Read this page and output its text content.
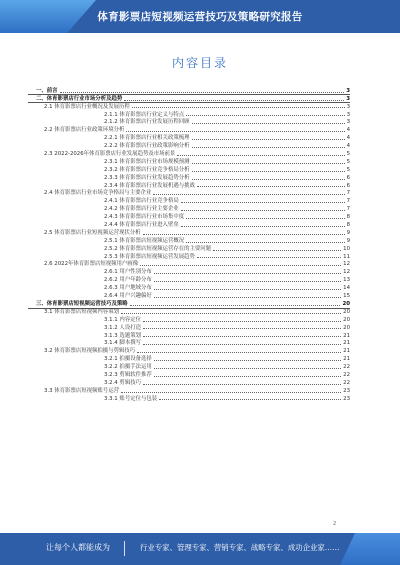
体育影票店短视频运营技巧及策略研究报告
内容目录
一、前言	3
二、体育影票店行业市场分析及趋势	3
2.1 体育影票店行业概况及发展历程	3
2.1.1 体育影票店行业定义与特点	3
2.1.2 体育影票店行业发展历程回顾	3
2.2 体育影票店行业政策环境分析	4
2.2.1 体育影票店行业相关政策梳理	4
2.2.2 体育影票店行业政策影响分析	4
2.3 2022-2026年体育影票店行业发展趋势及市场前景	5
2.3.1 体育影票店行业市场规模预测	5
2.3.2 体育影票店行业竞争格局分析	5
2.3.3 体育影票店行业发展趋势分析	6
2.3.4 体育影票店行业发展机遇与挑战	6
2.4 体育影票店行业市场竞争格局与主要企业	7
2.4.1 体育影票店行业竞争格局	7
2.4.2 体育影票店行业主要企业	7
2.4.3 体育影票店行业市场集中度	8
2.4.4 体育影票店行业进入壁垒	8
2.5 体育影票店行业短视频运营现状分析	9
2.5.1 体育影票店短视频运营概况	9
2.5.2 体育影票店短视频运营存在的主要问题	10
2.5.3 体育影票店短视频运营发展趋势	11
2.6 2022年体育影票店短视频用户画像	12
2.6.1 用户性别分布	12
2.6.2 用户年龄分布	13
2.6.3 用户地域分布	14
2.6.4 用户兴趣偏好	15
三、体育影票店短视频运营技巧及策略	20
3.1 体育影票店短视频内容策划	20
3.1.1 内容定位	20
3.1.2 人设打造	20
3.1.3 选题策划	21
3.1.4 脚本撰写	21
3.2 体育影票店短视频拍摄与剪辑技巧	21
3.2.1 拍摄设备选择	21
3.2.2 拍摄手法运用	22
3.2.3 剪辑软件推荐	22
3.2.4 剪辑技巧	22
3.3 体育影票店短视频账号运营	23
3.3.1 账号定位与包装	23
2
让每个人都能成为	行业专家、管理专家、营销专家、战略专家、成功企业家……
